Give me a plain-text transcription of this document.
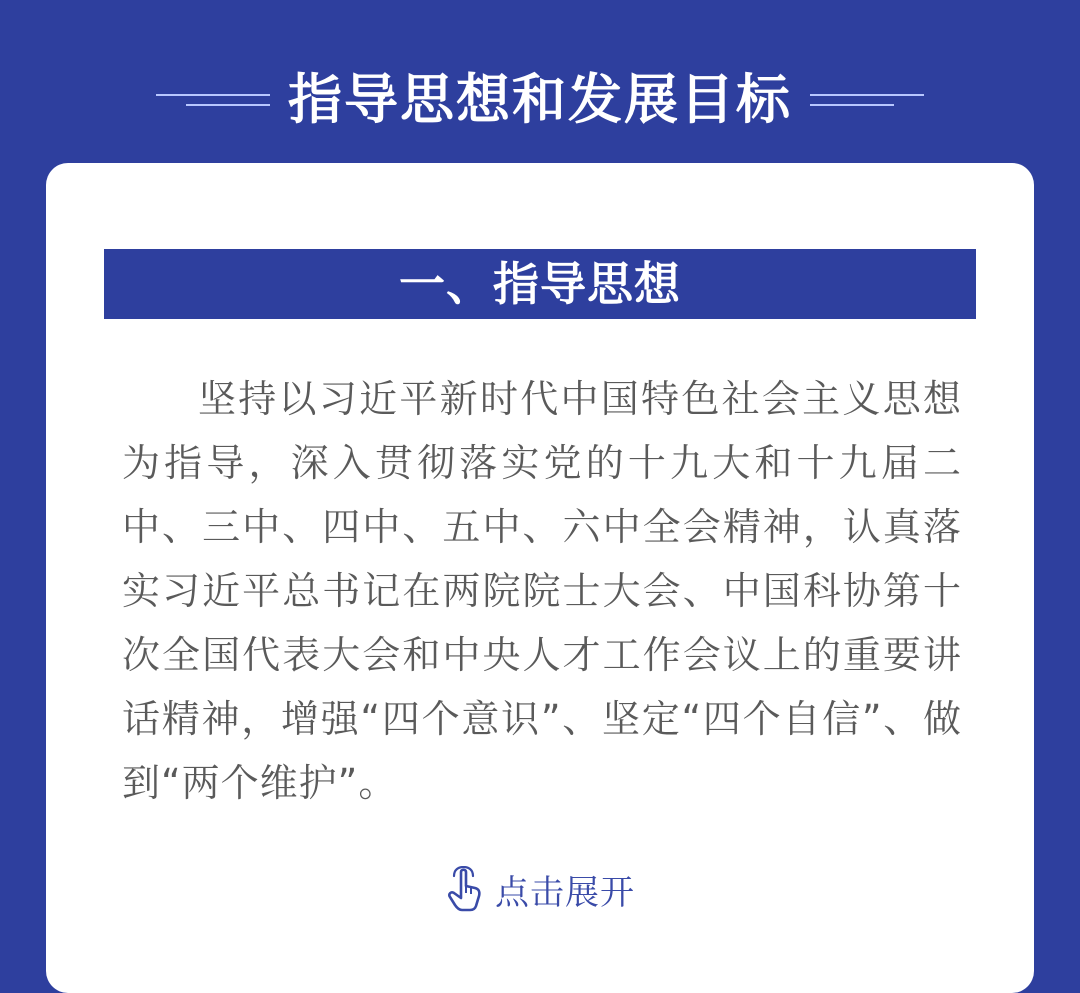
指导思想和发展目标
一、指导思想
坚持以习近平新时代中国特色社会主义思想为指导，深入贯彻落实党的十九大和十九届二中、三中、四中、五中、六中全会精神，认真落实习近平总书记在两院院士大会、中国科协第十次全国代表大会和中央人才工作会议上的重要讲话精神，增强“四个意识”、坚定“四个自信”、做到“两个维护”。
点击展开
